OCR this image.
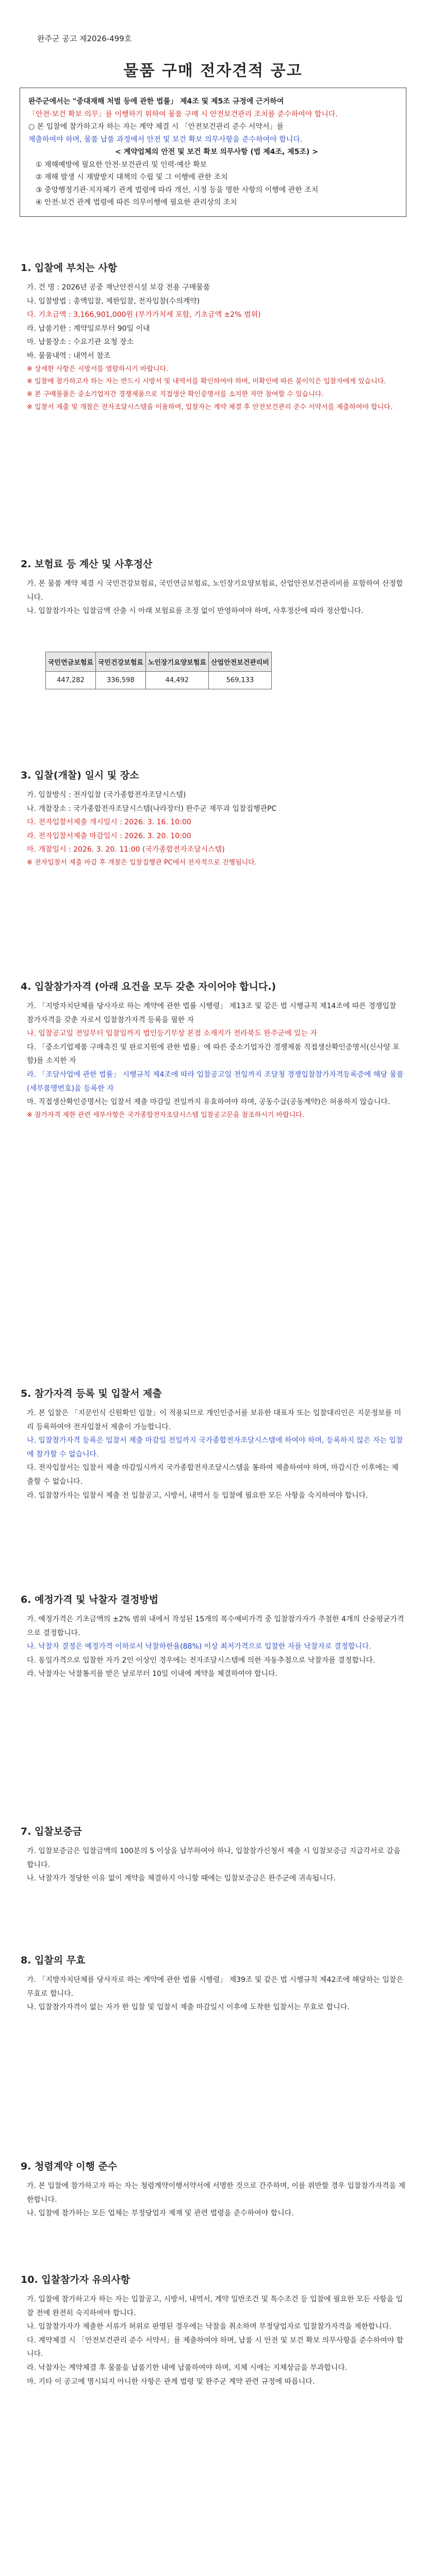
완주군 공고 제2026-499호
물품 구매 전자견적 공고
완주군에서는 "중대재해 처벌 등에 관한 법률」 제4조 및 제5조 규정에 근거하여
「안전·보건 확보 의무」를 이행하기 위하여 물품 구매 시 안전보건관리 조치를 준수하여야 합니다.
○ 본 입찰에 참가하고자 하는 자는 계약 체결 시 「안전보건관리 준수 서약서」를
제출하여야 하며, 물품 납품 과정에서 안전 및 보건 확보 의무사항을 준수하여야 합니다.
< 계약업체의 안전 및 보건 확보 의무사항 (법 제4조, 제5조) >
① 재해예방에 필요한 안전·보건관리 및 인력·예산 확보
② 재해 발생 시 재발방지 대책의 수립 및 그 이행에 관한 조치
③ 중앙행정기관·지자체가 관계 법령에 따라 개선, 시정 등을 명한 사항의 이행에 관한 조치
④ 안전·보건 관계 법령에 따른 의무이행에 필요한 관리상의 조치
1. 입찰에 부치는 사항

가. 건 명 : 2026년 공중 재난안전시설 보강 전용 구매물품

나. 입찰방법 : 총액입찰, 제한입찰, 전자입찰(수의계약)

다. 기초금액 : 3,166,901,000원 (부가가치세 포함, 기초금액 ±2% 범위)

라. 납품기한 : 계약일로부터 90일 이내

마. 납품장소 : 수요기관 요청 장소

바. 물품내역 : 내역서 참조

※ 상세한 사항은 시방서를 열람하시기 바랍니다.

※ 입찰에 참가하고자 하는 자는 반드시 시방서 및 내역서를 확인하여야 하며, 미확인에 따른 불이익은 입찰자에게 있습니다.

※ 본 구매물품은 중소기업자간 경쟁제품으로 직접생산 확인증명서를 소지한 자만 참여할 수 있습니다.

※ 입찰서 제출 및 개찰은 전자조달시스템을 이용하며, 입찰자는 계약 체결 후 안전보건관리 준수 서약서를 제출하여야 합니다.

2. 보험료 등 계산 및 사후정산

가. 본 물품 계약 체결 시 국민건강보험료, 국민연금보험료, 노인장기요양보험료, 산업안전보건관리비를 포함하여 산정합니다.

나. 입찰참가자는 입찰금액 산출 시 아래 보험료를 조정 없이 반영하여야 하며, 사후정산에 따라 정산합니다.

국민연금보험료	국민건강보험료	노인장기요양보험료	산업안전보건관리비
447,282	336,598	44,492	569,133
3. 입찰(개찰) 일시 및 장소

가. 입찰방식 : 전자입찰 (국가종합전자조달시스템)

나. 개찰장소 : 국가종합전자조달시스템(나라장터) 완주군 재무과 입찰집행관PC

다. 전자입찰서제출 개시일시 : 2026. 3. 16. 10:00

라. 전자입찰서제출 마감일시 : 2026. 3. 20. 10:00

마. 개찰일시 : 2026. 3. 20. 11:00 (국가종합전자조달시스템)

※ 전자입찰서 제출 마감 후 개찰은 입찰집행관 PC에서 전자적으로 진행됩니다.

4. 입찰참가자격 (아래 요건을 모두 갖춘 자이어야 합니다.)

가. 「지방자치단체를 당사자로 하는 계약에 관한 법률 시행령」 제13조 및 같은 법 시행규칙 제14조에 따른 경쟁입찰 참가자격을 갖춘 자로서 입찰참가자격 등록을 필한 자

나. 입찰공고일 전일부터 입찰일까지 법인등기부상 본점 소재지가 전라북도 완주군에 있는 자

다. 「중소기업제품 구매촉진 및 판로지원에 관한 법률」에 따른 중소기업자간 경쟁제품 직접생산확인증명서(신사양 포함)를 소지한 자

라. 「조달사업에 관한 법률」 시행규칙 제4조에 따라 입찰공고일 전일까지 조달청 경쟁입찰참가자격등록증에 해당 물품(세부품명번호)을 등록한 자

마. 직접생산확인증명서는 입찰서 제출 마감일 전일까지 유효하여야 하며, 공동수급(공동계약)은 허용하지 않습니다.

※ 참가자격 제한 관련 세부사항은 국가종합전자조달시스템 입찰공고문을 참조하시기 바랍니다.

5. 참가자격 등록 및 입찰서 제출

가. 본 입찰은 「지문인식 신원확인 입찰」이 적용되므로 개인인증서를 보유한 대표자 또는 입찰대리인은 지문정보를 미리 등록하여야 전자입찰서 제출이 가능합니다.

나. 입찰참가자격 등록은 입찰서 제출 마감일 전일까지 국가종합전자조달시스템에 하여야 하며, 등록하지 않은 자는 입찰에 참가할 수 없습니다.

다. 전자입찰서는 입찰서 제출 마감일시까지 국가종합전자조달시스템을 통하여 제출하여야 하며, 마감시간 이후에는 제출할 수 없습니다.

라. 입찰참가자는 입찰서 제출 전 입찰공고, 시방서, 내역서 등 입찰에 필요한 모든 사항을 숙지하여야 합니다.

6. 예정가격 및 낙찰자 결정방법

가. 예정가격은 기초금액의 ±2% 범위 내에서 작성된 15개의 복수예비가격 중 입찰참가자가 추첨한 4개의 산술평균가격으로 결정합니다.

나. 낙찰자 결정은 예정가격 이하로서 낙찰하한율(88%) 이상 최저가격으로 입찰한 자를 낙찰자로 결정합니다.

다. 동일가격으로 입찰한 자가 2인 이상인 경우에는 전자조달시스템에 의한 자동추첨으로 낙찰자를 결정합니다.

라. 낙찰자는 낙찰통지를 받은 날로부터 10일 이내에 계약을 체결하여야 합니다.

7. 입찰보증금

가. 입찰보증금은 입찰금액의 100분의 5 이상을 납부하여야 하나, 입찰참가신청서 제출 시 입찰보증금 지급각서로 갈음합니다.

나. 낙찰자가 정당한 이유 없이 계약을 체결하지 아니할 때에는 입찰보증금은 완주군에 귀속됩니다.

8. 입찰의 무효

가. 「지방자치단체를 당사자로 하는 계약에 관한 법률 시행령」 제39조 및 같은 법 시행규칙 제42조에 해당하는 입찰은 무효로 합니다.

나. 입찰참가자격이 없는 자가 한 입찰 및 입찰서 제출 마감일시 이후에 도착한 입찰서는 무효로 합니다.

9. 청렴계약 이행 준수

가. 본 입찰에 참가하고자 하는 자는 청렴계약이행서약서에 서명한 것으로 간주하며, 이를 위반할 경우 입찰참가자격을 제한합니다.

나. 입찰에 참가하는 모든 업체는 부정당업자 제재 및 관련 법령을 준수하여야 합니다.

10. 입찰참가자 유의사항

가. 입찰에 참가하고자 하는 자는 입찰공고, 시방서, 내역서, 계약 일반조건 및 특수조건 등 입찰에 필요한 모든 사항을 입찰 전에 완전히 숙지하여야 합니다.

나. 입찰참가자가 제출한 서류가 허위로 판명된 경우에는 낙찰을 취소하며 부정당업자로 입찰참가자격을 제한합니다.

다. 계약체결 시 「안전보건관리 준수 서약서」를 제출하여야 하며, 납품 시 안전 및 보건 확보 의무사항을 준수하여야 합니다.

라. 낙찰자는 계약체결 후 물품을 납품기한 내에 납품하여야 하며, 지체 시에는 지체상금을 부과합니다.

마. 기타 이 공고에 명시되지 아니한 사항은 관계 법령 및 완주군 계약 관련 규정에 따릅니다.
